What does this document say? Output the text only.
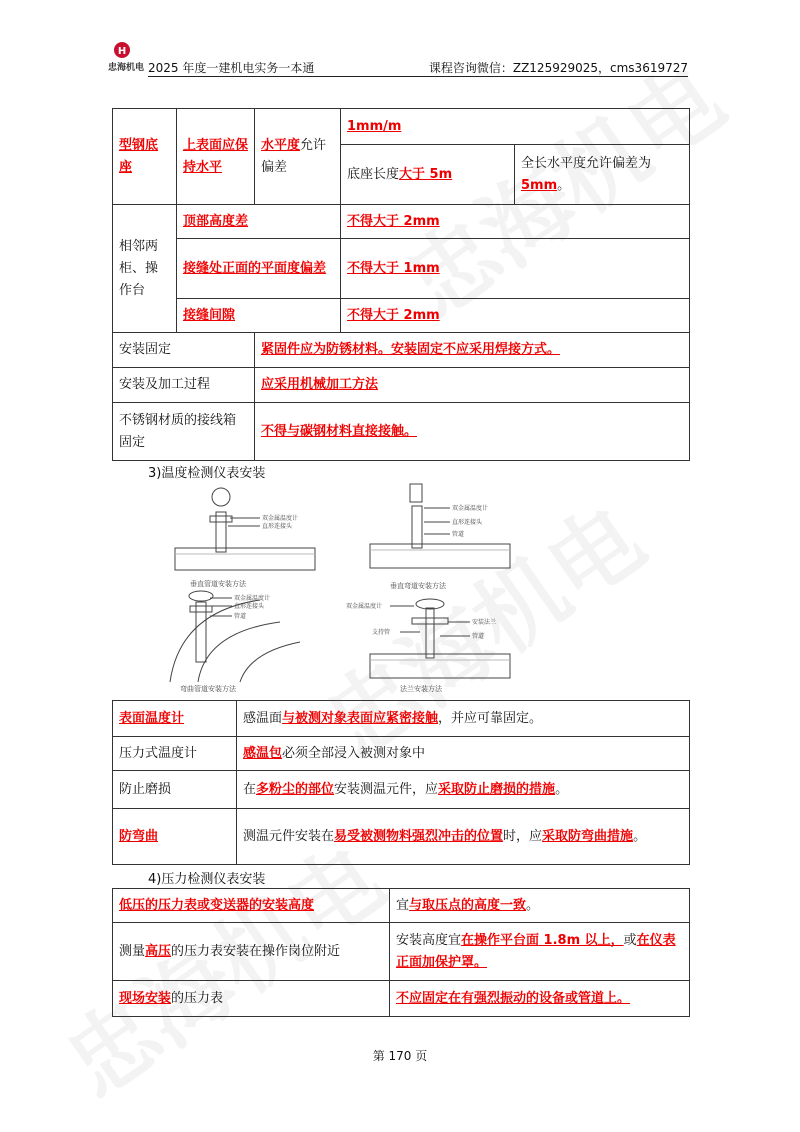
H
忠海机电 2025 年度一建机电实务一本通	课程咨询微信：ZZ125929025，cms3619727
型钢底座	上表面应保持水平	水平度允许偏差	1mm/m	
			底座长度大于 5m	全长水平度允许偏差为5mm。
相邻两柜、操作台	顶部高度差		不得大于 2mm	
	接缝处正面的平面度偏差		不得大于 1mm	
	接缝间隙		不得大于 2mm	
安装固定		紧固件应为防锈材料。安装固定不应采用焊接方式。		
安装及加工过程		应采用机械加工方法		
不锈钢材质的接线箱固定		不得与碳钢材料直接接触。		
3)温度检测仪表安装
双金属温度计
直形连接头
垂直管道安装方法
双金属温度计
直形连接头
管道
垂直弯道安装方法
双金属温度计
直形连接头
管道
弯曲管道安装方法
双金属温度计
安装法兰
支持管
管道
法兰安装方法
表面温度计	感温面与被测对象表面应紧密接触，并应可靠固定。
压力式温度计	感温包必须全部浸入被测对象中
防止磨损	在多粉尘的部位安装测温元件，应采取防止磨损的措施。
防弯曲	测温元件安装在易受被测物料强烈冲击的位置时，应采取防弯曲措施。
4)压力检测仪表安装
低压的压力表或变送器的安装高度	宜与取压点的高度一致。
测量高压的压力表安装在操作岗位附近	安装高度宜在操作平台面 1.8m 以上，或在仪表正面加保护罩。
现场安装的压力表	不应固定在有强烈振动的设备或管道上。
第 170 页
